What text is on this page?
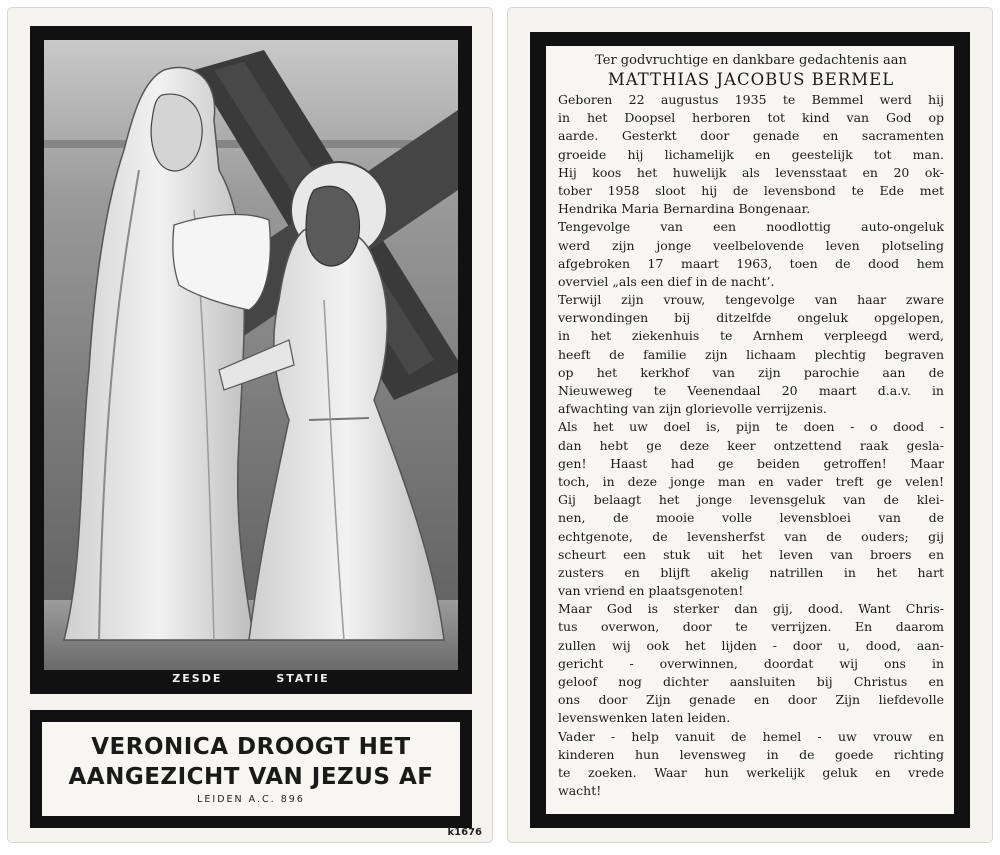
ZESDE	STATIE
VERONICA DROOGT HET
AANGEZICHT VAN JEZUS AF
LEIDEN A.C. 896
k1676
Ter godvruchtige en dankbare gedachtenis aan
MATTHIAS JACOBUS BERMEL
Geboren 22 augustus 1935 te Bemmel werd hij
in het Doopsel herboren tot kind van God op
aarde. Gesterkt door genade en sacramenten
groeide hij lichamelijk en geestelijk tot man.
Hij koos het huwelijk als levensstaat en 20 ok-
tober 1958 sloot hij de levensbond te Ede met
Hendrika Maria Bernardina Bongenaar.
Tengevolge van een noodlottig auto-ongeluk
werd zijn jonge veelbelovende leven plotseling
afgebroken 17 maart 1963, toen de dood hem
overviel „als een dief in de nacht’.
Terwijl zijn vrouw, tengevolge van haar zware
verwondingen bij ditzelfde ongeluk opgelopen,
in het ziekenhuis te Arnhem verpleegd werd,
heeft de familie zijn lichaam plechtig begraven
op het kerkhof van zijn parochie aan de
Nieuweweg te Veenendaal 20 maart d.a.v. in
afwachting van zijn glorievolle verrijzenis.
Als het uw doel is, pijn te doen - o dood -
dan hebt ge deze keer ontzettend raak gesla-
gen! Haast had ge beiden getroffen! Maar
toch, in deze jonge man en vader treft ge velen!
Gij belaagt het jonge levensgeluk van de klei-
nen, de mooie volle levensbloei van de
echtgenote, de levensherfst van de ouders; gij
scheurt een stuk uit het leven van broers en
zusters en blijft akelig natrillen in het hart
van vriend en plaatsgenoten!
Maar God is sterker dan gij, dood. Want Chris-
tus overwon, door te verrijzen. En daarom
zullen wij ook het lijden - door u, dood, aan-
gericht - overwinnen, doordat wij ons in
geloof nog dichter aansluiten bij Christus en
ons door Zijn genade en door Zijn liefdevolle
levenswenken laten leiden.
Vader - help vanuit de hemel - uw vrouw en
kinderen hun levensweg in de goede richting
te zoeken. Waar hun werkelijk geluk en vrede
wacht!
